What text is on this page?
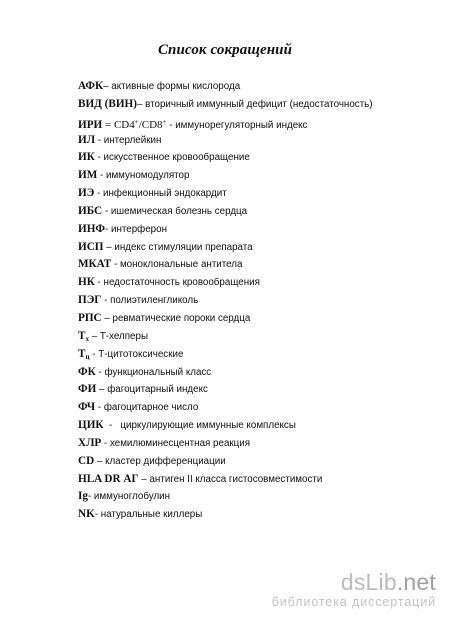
Список сокращений
АФК– активные формы кислорода
ВИД (ВИН)– вторичный иммунный дефицит (недостаточность)
ИРИ = CD4+/CD8+ - иммунорегуляторный индекс
ИЛ - интерлейкин
ИК - искусственное кровообращение
ИМ - иммуномодулятор
ИЭ - инфекционный эндокардит
ИБС - ишемическая болезнь сердца
ИНФ- интерферон
ИСП – индекс стимуляции препарата
МКАТ - моноклональные антитела
НК - недостаточность кровообращения
ПЭГ - полиэтиленгликоль
РПС – ревматические пороки сердца
$Т_х$ – Т-хелперы
$Т_ц$ - Т-цитотоксические
ФК - функциональный класс
ФИ – фагоцитарный индекс
ФЧ - фагоцитарное число
ЦИК  -   циркулирующие иммунные комплексы
ХЛР - хемилюминесцентная реакция
CD – кластер дифференциации
HLA DR АГ – антиген II класса гистосовместимости
Ig- иммуноглобулин
NK- натуральные киллеры
dsLib.net
библиотека диссертаций
